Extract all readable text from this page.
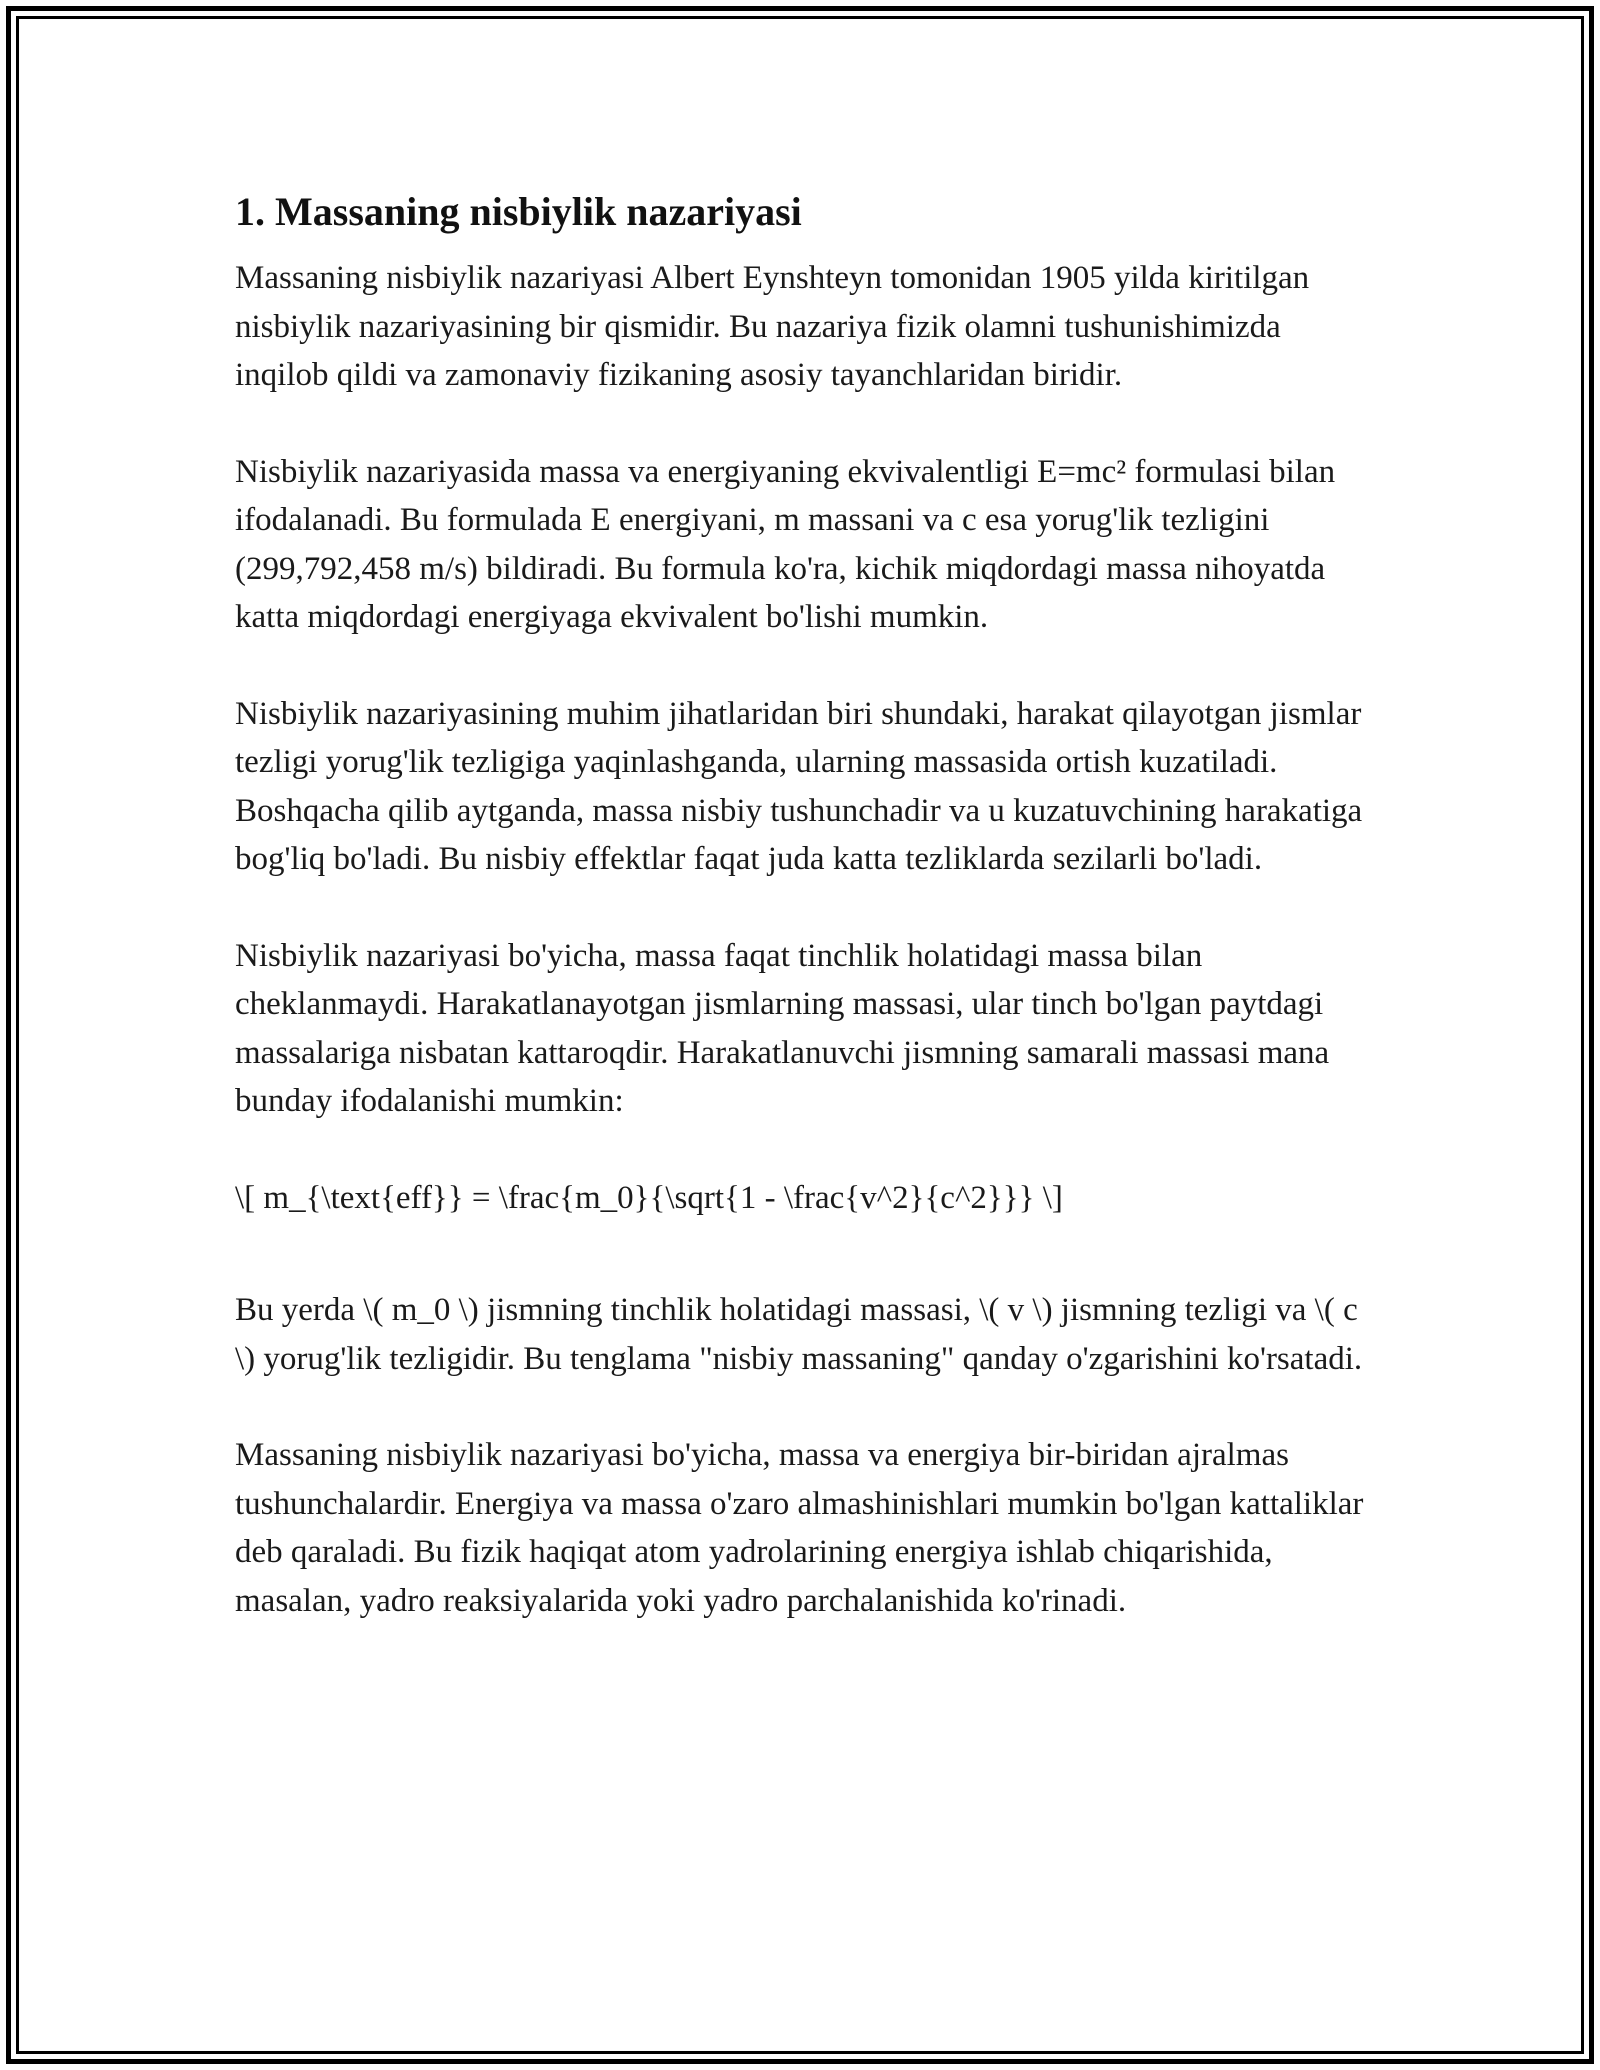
1. Massaning nisbiylik nazariyasi

Massaning nisbiylik nazariyasi Albert Eynshteyn tomonidan 1905 yilda kiritilgan nisbiylik nazariyasining bir qismidir. Bu nazariya fizik olamni tushunishimizda inqilob qildi va zamonaviy fizikaning asosiy tayanchlaridan biridir.

Nisbiylik nazariyasida massa va energiyaning ekvivalentligi E=mc² formulasi bilan ifodalanadi. Bu formulada E energiyani, m massani va c esa yorug'lik tezligini (299,792,458 m/s) bildiradi. Bu formula ko'ra, kichik miqdordagi massa nihoyatda katta miqdordagi energiyaga ekvivalent bo'lishi mumkin.

Nisbiylik nazariyasining muhim jihatlaridan biri shundaki, harakat qilayotgan jismlar tezligi yorug'lik tezligiga yaqinlashganda, ularning massasida ortish kuzatiladi. Boshqacha qilib aytganda, massa nisbiy tushunchadir va u kuzatuvchining harakatiga bog'liq bo'ladi. Bu nisbiy effektlar faqat juda katta tezliklarda sezilarli bo'ladi.

Nisbiylik nazariyasi bo'yicha, massa faqat tinchlik holatidagi massa bilan cheklanmaydi. Harakatlanayotgan jismlarning massasi, ular tinch bo'lgan paytdagi massalariga nisbatan kattaroqdir. Harakatlanuvchi jismning samarali massasi mana bunday ifodalanishi mumkin:

\[ m_{\text{eff}} = \frac{m_0}{\sqrt{1 - \frac{v^2}{c^2}}} \]

Bu yerda \( m_0 \) jismning tinchlik holatidagi massasi, \( v \) jismning tezligi va \( c \) yorug'lik tezligidir. Bu tenglama "nisbiy massaning" qanday o'zgarishini ko'rsatadi.

Massaning nisbiylik nazariyasi bo'yicha, massa va energiya bir-biridan ajralmas tushunchalardir. Energiya va massa o'zaro almashinishlari mumkin bo'lgan kattaliklar deb qaraladi. Bu fizik haqiqat atom yadrolarining energiya ishlab chiqarishida, masalan, yadro reaksiyalarida yoki yadro parchalanishida ko'rinadi.
